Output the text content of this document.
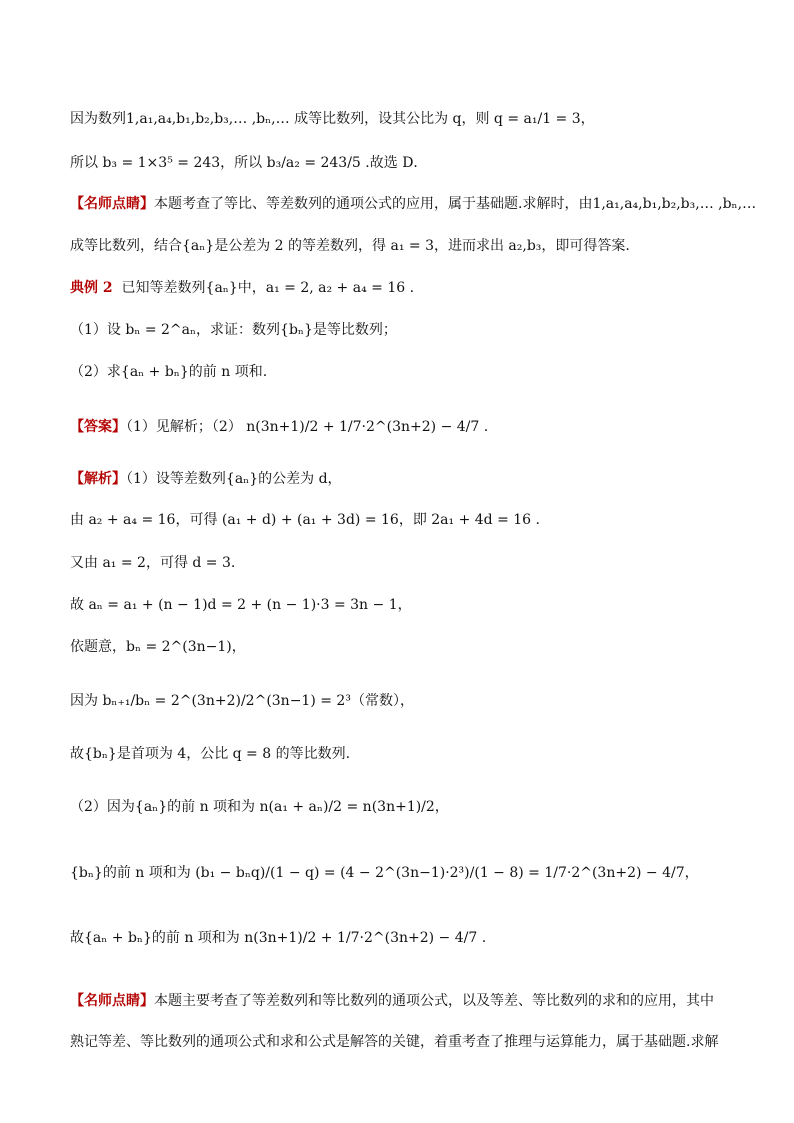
因为数列1,a₁,a₄,b₁,b₂,b₃,… ,bₙ,… 成等比数列，设其公比为 q，则 q = a₁/1 = 3，
所以 b₃ = 1×3⁵ = 243，所以 b₃/a₂ = 243/5 .故选 D．
【名师点睛】本题考查了等比、等差数列的通项公式的应用，属于基础题.求解时，由1,a₁,a₄,b₁,b₂,b₃,… ,bₙ,…
成等比数列，结合{aₙ}是公差为 2 的等差数列，得 a₁ = 3，进而求出 a₂,b₃，即可得答案.
典例 2 已知等差数列{aₙ}中，a₁ = 2, a₂ + a₄ = 16 .
（1）设 bₙ = 2^aₙ，求证：数列{bₙ}是等比数列；
（2）求{aₙ + bₙ}的前 n 项和.
【答案】（1）见解析；（2） n(3n+1)/2 + 1/7·2^(3n+2) − 4/7 .
【解析】（1）设等差数列{aₙ}的公差为 d，
由 a₂ + a₄ = 16，可得 (a₁ + d) + (a₁ + 3d) = 16，即 2a₁ + 4d = 16 .
又由 a₁ = 2，可得 d = 3.
故 aₙ = a₁ + (n − 1)d = 2 + (n − 1)·3 = 3n − 1，
依题意，bₙ = 2^(3n−1)，
因为 bₙ₊₁/bₙ = 2^(3n+2)/2^(3n−1) = 2³（常数），
故{bₙ}是首项为 4，公比 q = 8 的等比数列.
（2）因为{aₙ}的前 n 项和为 n(a₁ + aₙ)/2 = n(3n+1)/2，
{bₙ}的前 n 项和为 (b₁ − bₙq)/(1 − q) = (4 − 2^(3n−1)·2³)/(1 − 8) = 1/7·2^(3n+2) − 4/7，
故{aₙ + bₙ}的前 n 项和为 n(3n+1)/2 + 1/7·2^(3n+2) − 4/7 .
【名师点睛】本题主要考查了等差数列和等比数列的通项公式，以及等差、等比数列的求和的应用，其中
熟记等差、等比数列的通项公式和求和公式是解答的关键，着重考查了推理与运算能力，属于基础题.求解
